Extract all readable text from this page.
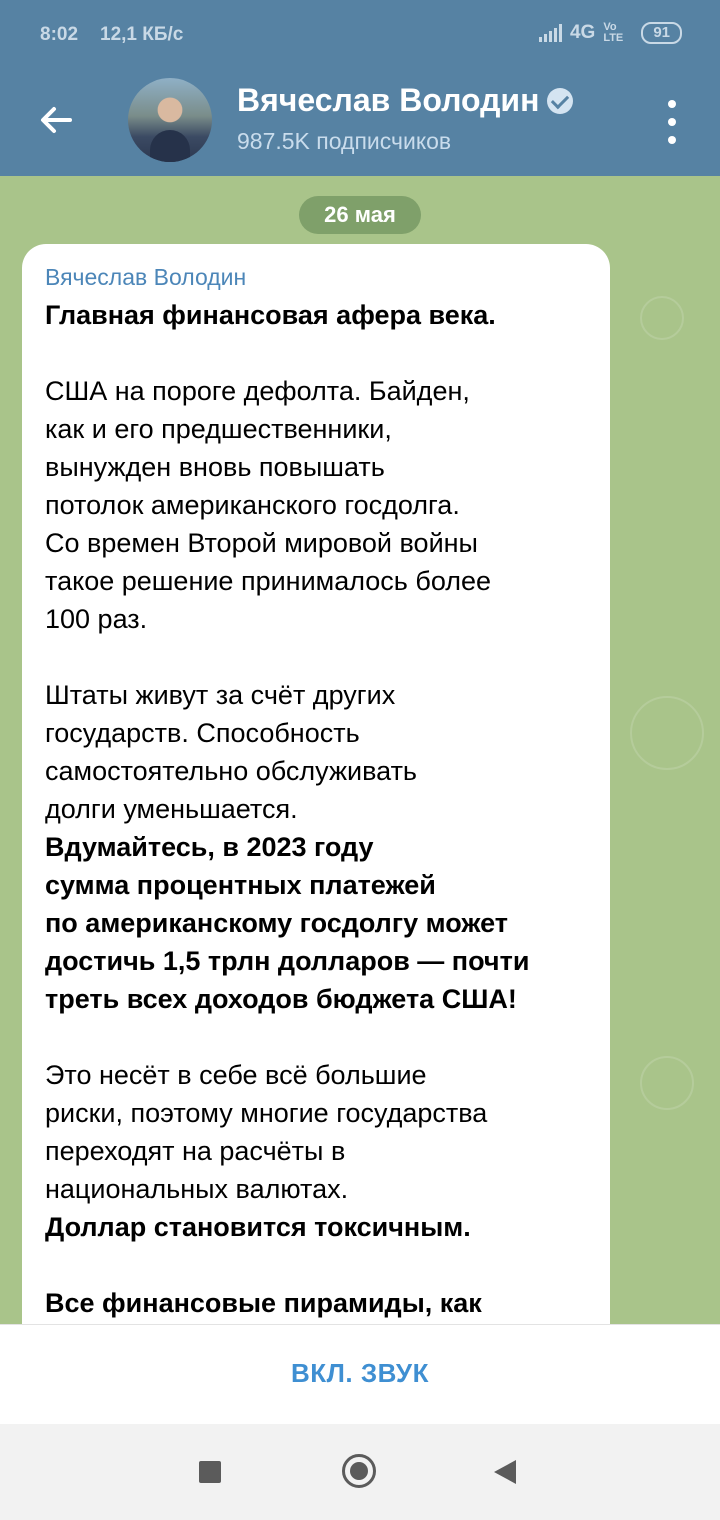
8:02 12,1 КБ/с	4G Vo LTE	91
Вячеслав Володин
987.5K подписчиков
26 мая
Вячеслав Володин

Главная финансовая афера века.

США на пороге дефолта. Байден,
как и его предшественники,
вынужден вновь повышать
потолок американского госдолга.
Со времен Второй мировой войны
такое решение принималось более
100 раз.

Штаты живут за счёт других
государств. Способность
самостоятельно обслуживать
долги уменьшается.

Вдумайтесь, в 2023 году
сумма процентных платежей
по американскому госдолгу может
достичь 1,5 трлн долларов — почти
треть всех доходов бюджета США!

Это несёт в себе всё большие
риски, поэтому многие государства
переходят на расчёты в
национальных валютах.

Доллар становится токсичным.

Все финансовые пирамиды, как

ВКЛ. ЗВУК
